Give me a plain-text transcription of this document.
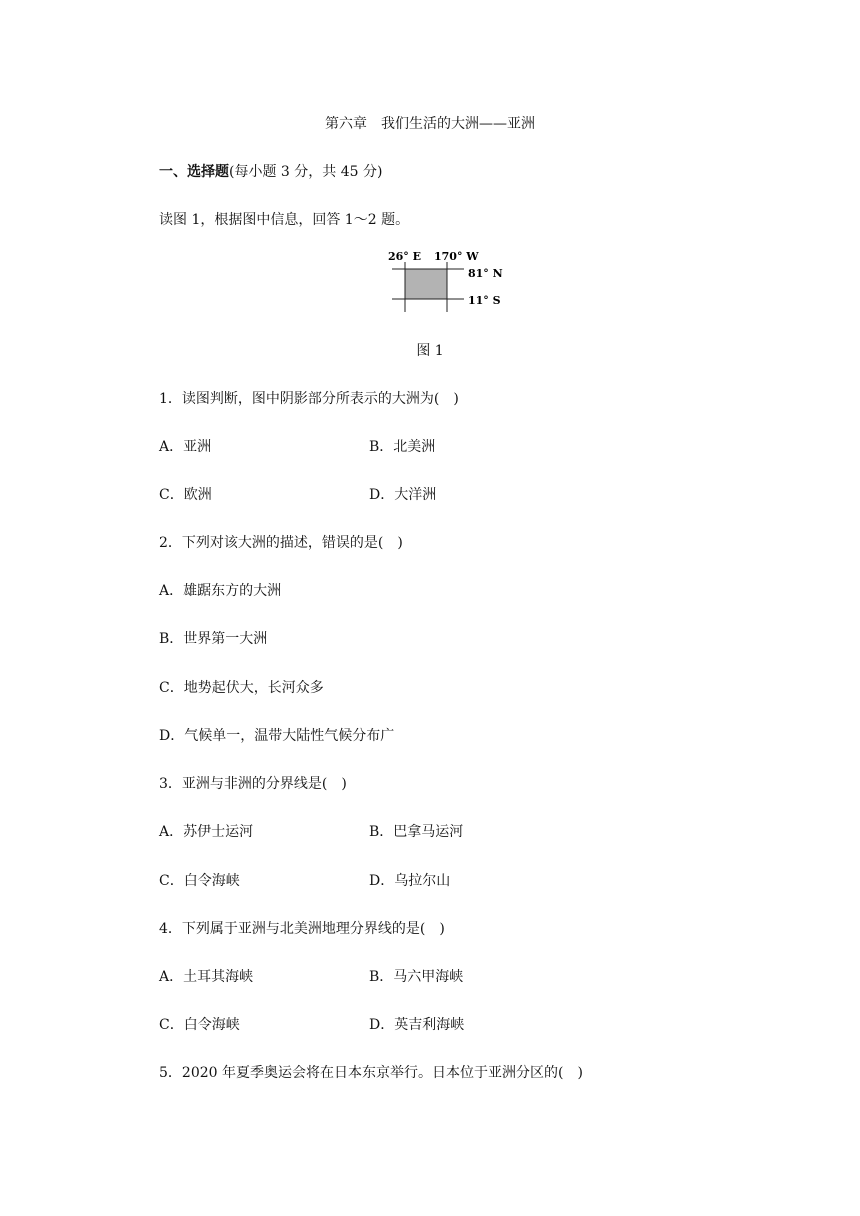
第六章　我们生活的大洲——亚洲
一、选择题(每小题 3 分，共 45 分)
读图 1，根据图中信息，回答 1～2 题。
26° E 170° W
81° N
11° S
图 1
1．读图判断，图中阴影部分所表示的大洲为(　)
A．亚洲	B．北美洲
C．欧洲	D．大洋洲
2．下列对该大洲的描述，错误的是(　)
A．雄踞东方的大洲
B．世界第一大洲
C．地势起伏大，长河众多
D．气候单一，温带大陆性气候分布广
3．亚洲与非洲的分界线是(　)
A．苏伊士运河	B．巴拿马运河
C．白令海峡	D．乌拉尔山
4．下列属于亚洲与北美洲地理分界线的是(　)
A．土耳其海峡	B．马六甲海峡
C．白令海峡	D．英吉利海峡
5．2020 年夏季奥运会将在日本东京举行。日本位于亚洲分区的(　)
